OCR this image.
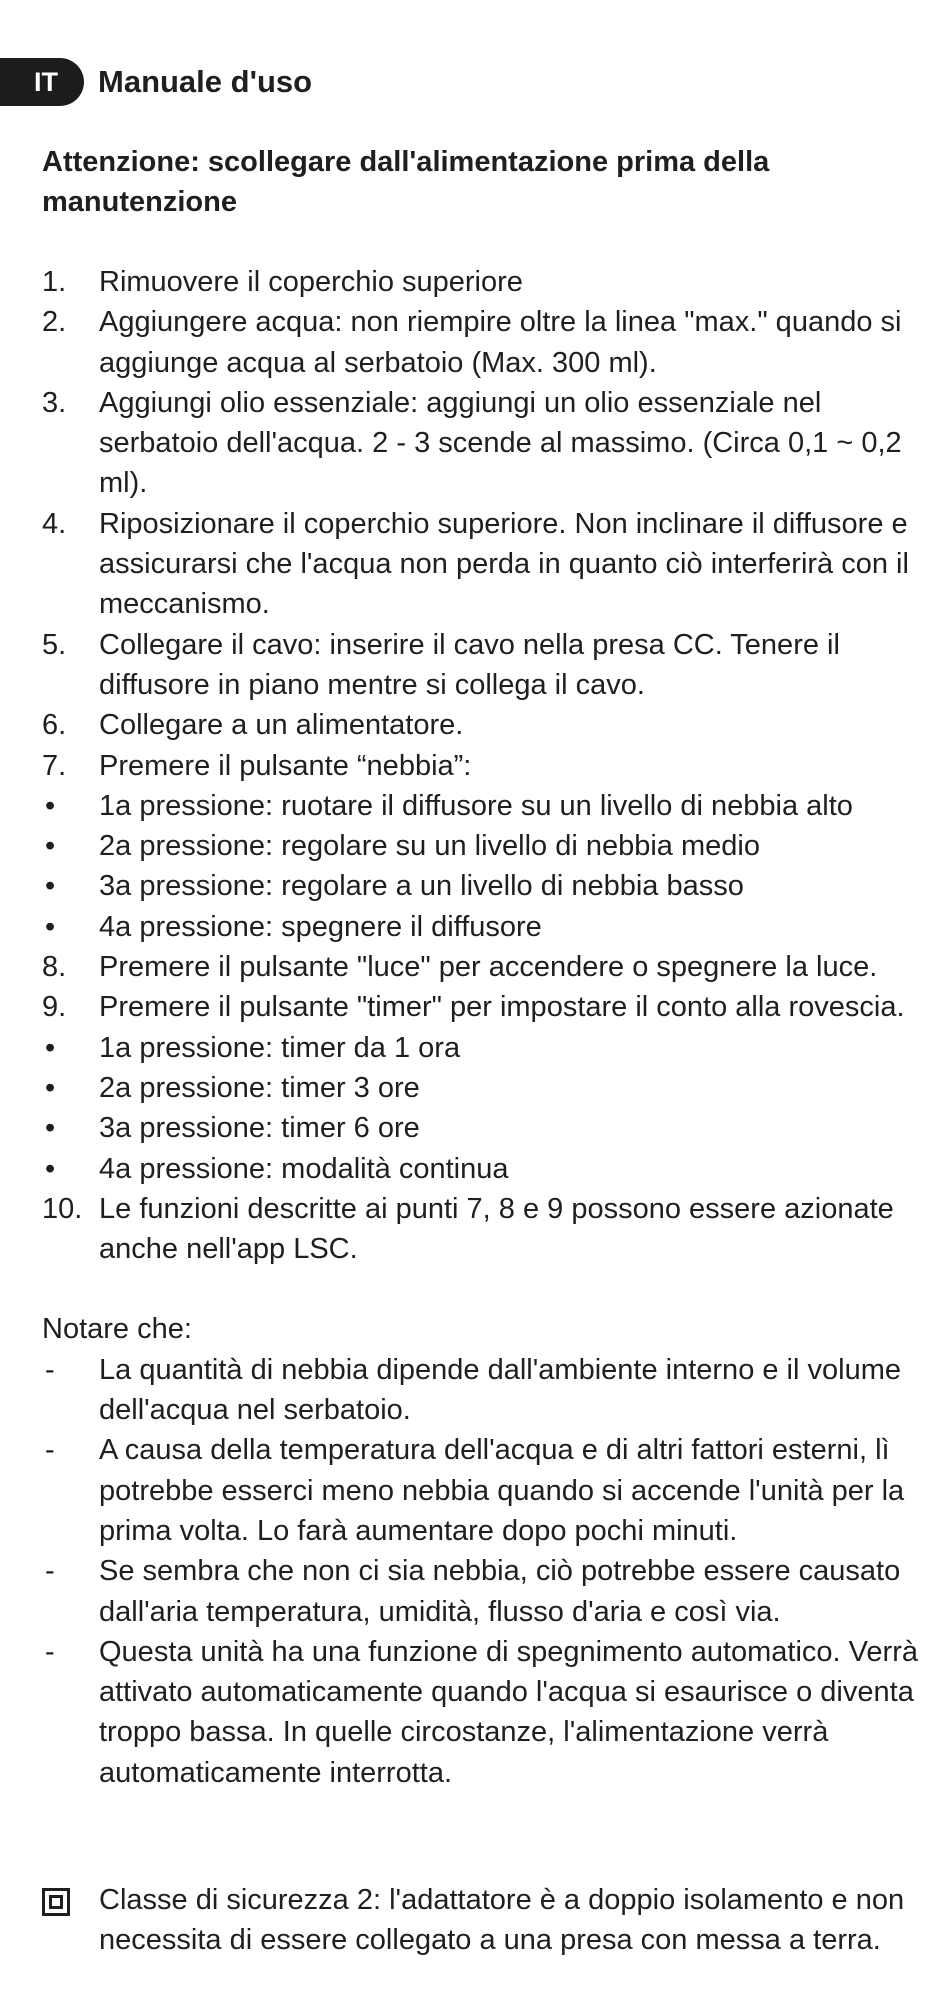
IT	Manuale d'uso

Attenzione: scollegare dall'alimentazione prima della manutenzione

1.	Rimuovere il coperchio superiore
2.	Aggiungere acqua: non riempire oltre la linea "max." quando si aggiunge acqua al serbatoio (Max. 300 ml).
3.	Aggiungi olio essenziale: aggiungi un olio essenziale nel serbatoio dell'acqua. 2 - 3 scende al massimo. (Circa 0,1 ~ 0,2 ml).
4.	Riposizionare il coperchio superiore. Non inclinare il diffusore e assicurarsi che l'acqua non perda in quanto ciò interferirà con il meccanismo.
5.	Collegare il cavo: inserire il cavo nella presa CC. Tenere il diffusore in piano mentre si collega il cavo.
6.	Collegare a un alimentatore.
7.	Premere il pulsante “nebbia”:
•	1a pressione: ruotare il diffusore su un livello di nebbia alto
•	2a pressione: regolare su un livello di nebbia medio
•	3a pressione: regolare a un livello di nebbia basso
•	4a pressione: spegnere il diffusore
8.	Premere il pulsante "luce" per accendere o spegnere la luce.
9.	Premere il pulsante "timer" per impostare il conto alla rovescia.
•	1a pressione: timer da 1 ora
•	2a pressione: timer 3 ore
•	3a pressione: timer 6 ore
•	4a pressione: modalità continua
10. Le funzioni descritte ai punti 7, 8 e 9 possono essere azionate anche nell'app LSC.
Notare che:
-	La quantità di nebbia dipende dall'ambiente interno e il volume dell'acqua nel serbatoio.
-	A causa della temperatura dell'acqua e di altri fattori esterni, lì potrebbe esserci meno nebbia quando si accende l'unità per la prima volta. Lo farà aumentare dopo pochi minuti.
-	Se sembra che non ci sia nebbia, ciò potrebbe essere causato dall'aria temperatura, umidità, flusso d'aria e così via.
-	Questa unità ha una funzione di spegnimento automatico. Verrà attivato automaticamente quando l'acqua si esaurisce o diventa troppo bassa. In quelle circostanze, l'alimentazione verrà automaticamente interrotta.
Classe di sicurezza 2: l'adattatore è a doppio isolamento e non necessita di essere collegato a una presa con messa a terra.
